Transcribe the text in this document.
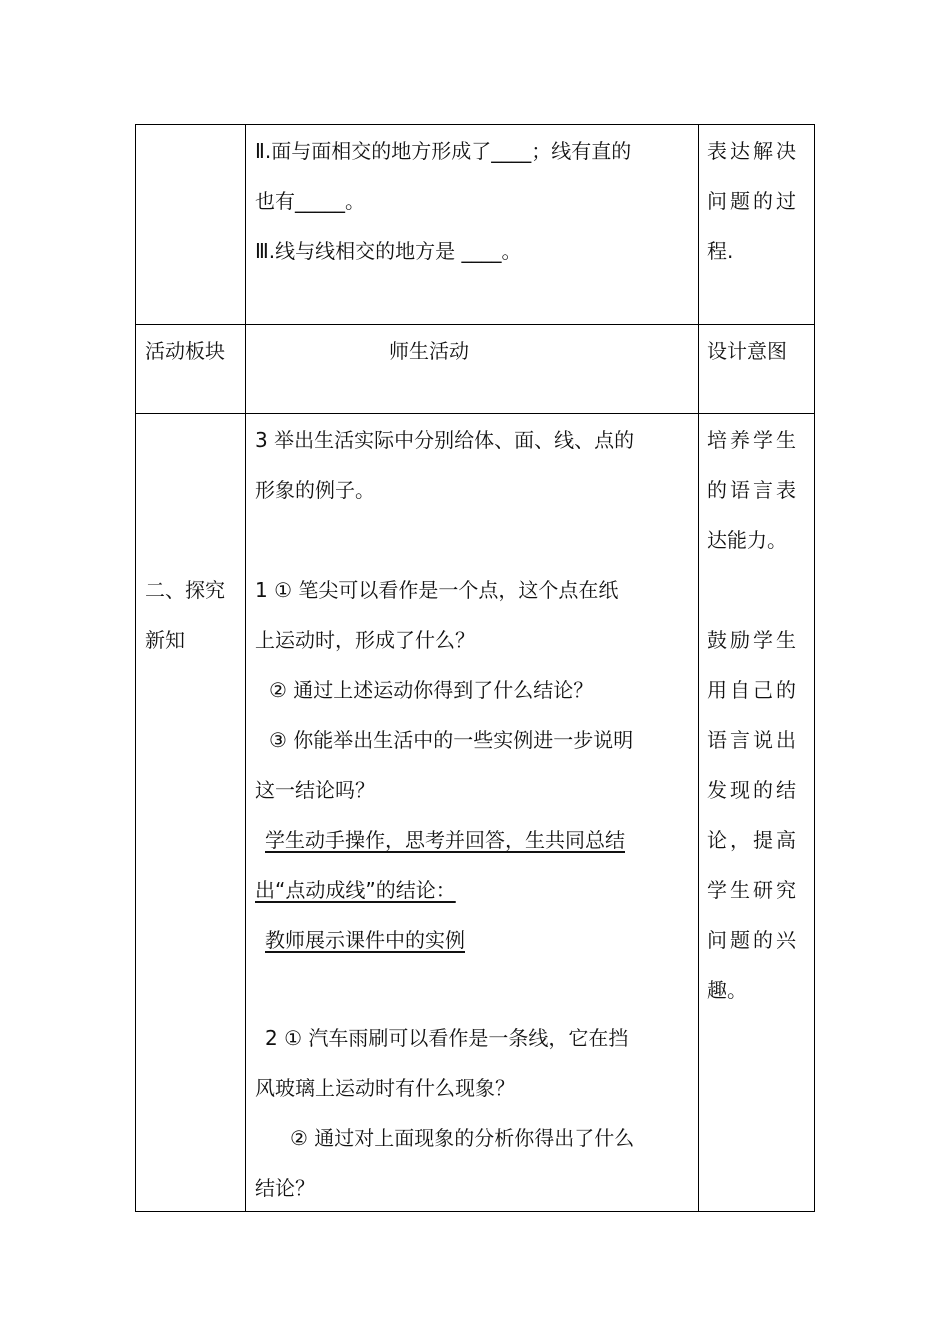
Ⅱ.面与面相交的地方形成了____；线有直的
也有_____。
Ⅲ.线与线相交的地方是 ____。
表达解决
问题的过
程.
活动板块	师生活动	设计意图
二、探究
新知
3 举出生活实际中分别给体、面、线、点的
形象的例子。
1 ① 笔尖可以看作是一个点，这个点在纸
上运动时，形成了什么？
② 通过上述运动你得到了什么结论？
③ 你能举出生活中的一些实例进一步说明
这一结论吗？
学生动手操作，思考并回答，生共同总结
出“点动成线”的结论：
教师展示课件中的实例
2 ① 汽车雨刷可以看作是一条线，它在挡
风玻璃上运动时有什么现象？
② 通过对上面现象的分析你得出了什么
结论？
培养学生
的语言表
达能力。
鼓励学生
用自己的
语言说出
发现的结
论，提高
学生研究
问题的兴
趣。
